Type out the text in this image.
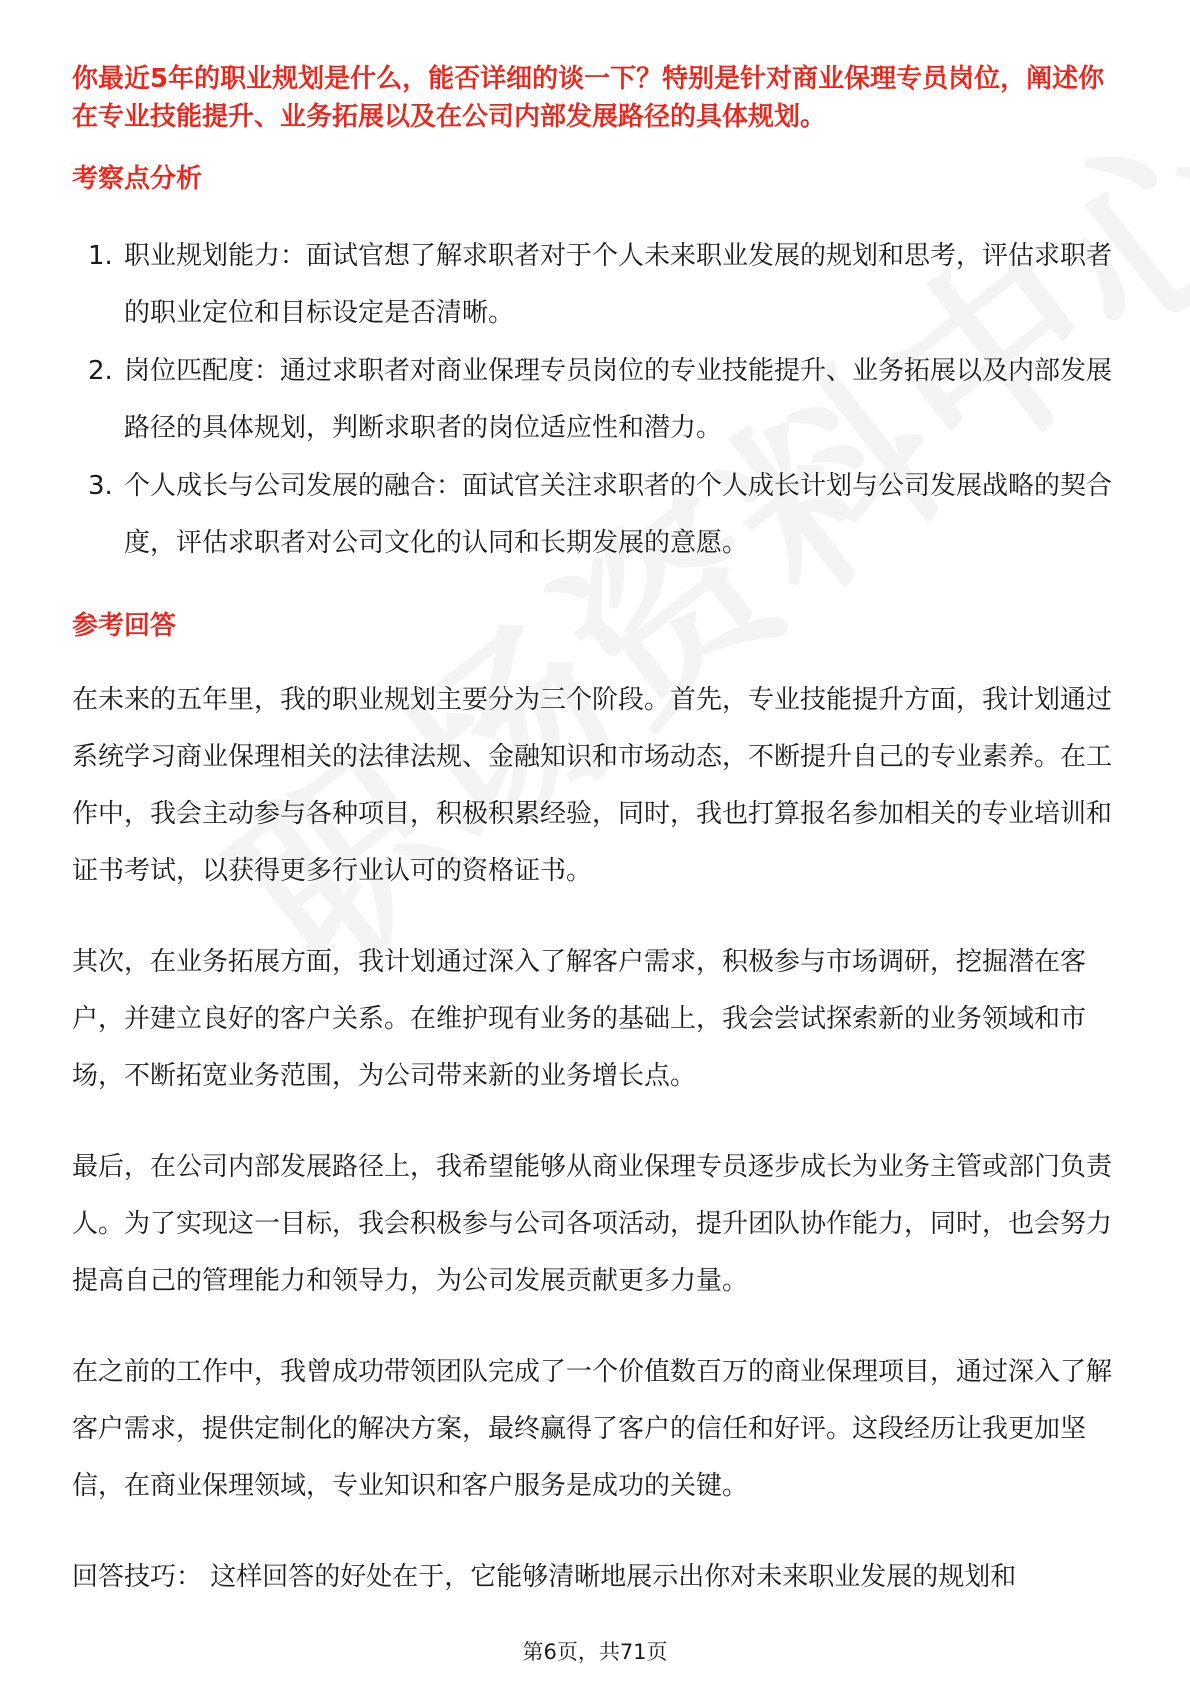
你最近5年的职业规划是什么，能否详细的谈一下？特别是针对商业保理专员岗位，阐述你在专业技能提升、业务拓展以及在公司内部发展路径的具体规划。

考察点分析
1. 职业规划能力：面试官想了解求职者对于个人未来职业发展的规划和思考，评估求职者的职业定位和目标设定是否清晰。
2. 岗位匹配度：通过求职者对商业保理专员岗位的专业技能提升、业务拓展以及内部发展路径的具体规划，判断求职者的岗位适应性和潜力。
3. 个人成长与公司发展的融合：面试官关注求职者的个人成长计划与公司发展战略的契合度，评估求职者对公司文化的认同和长期发展的意愿。
参考回答

在未来的五年里，我的职业规划主要分为三个阶段。首先，专业技能提升方面，我计划通过系统学习商业保理相关的法律法规、金融知识和市场动态，不断提升自己的专业素养。在工作中，我会主动参与各种项目，积极积累经验，同时，我也打算报名参加相关的专业培训和证书考试，以获得更多行业认可的资格证书。

其次，在业务拓展方面，我计划通过深入了解客户需求，积极参与市场调研，挖掘潜在客户，并建立良好的客户关系。在维护现有业务的基础上，我会尝试探索新的业务领域和市场，不断拓宽业务范围，为公司带来新的业务增长点。

最后，在公司内部发展路径上，我希望能够从商业保理专员逐步成长为业务主管或部门负责人。为了实现这一目标，我会积极参与公司各项活动，提升团队协作能力，同时，也会努力提高自己的管理能力和领导力，为公司发展贡献更多力量。

在之前的工作中，我曾成功带领团队完成了一个价值数百万的商业保理项目，通过深入了解客户需求，提供定制化的解决方案，最终赢得了客户的信任和好评。这段经历让我更加坚信，在商业保理领域，专业知识和客户服务是成功的关键。

回答技巧： 这样回答的好处在于，它能够清晰地展示出你对未来职业发展的规划和

第6页，共71页
